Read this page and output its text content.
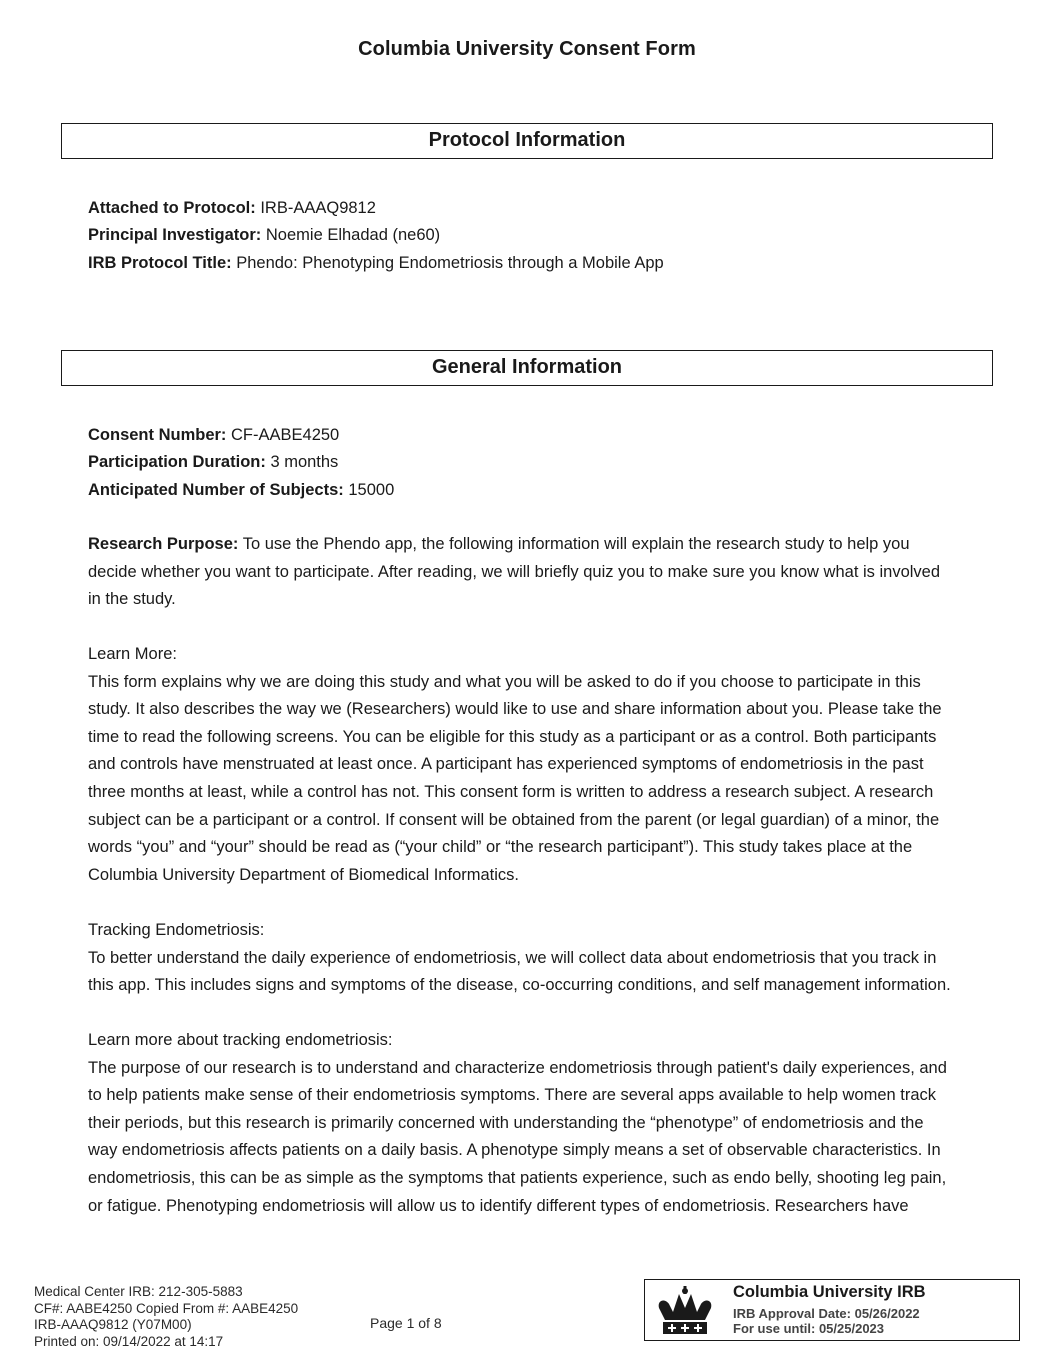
Columbia University Consent Form
Protocol Information
Attached to Protocol: IRB-AAAQ9812
Principal Investigator: Noemie Elhadad (ne60)
IRB Protocol Title: Phendo: Phenotyping Endometriosis through a Mobile App
General Information
Consent Number: CF-AABE4250
Participation Duration: 3 months
Anticipated Number of Subjects: 15000
Research Purpose: To use the Phendo app, the following information will explain the research study to help you
decide whether you want to participate. After reading, we will briefly quiz you to make sure you know what is involved
in the study.
Learn More:
This form explains why we are doing this study and what you will be asked to do if you choose to participate in this
study. It also describes the way we (Researchers) would like to use and share information about you. Please take the
time to read the following screens. You can be eligible for this study as a participant or as a control. Both participants
and controls have menstruated at least once. A participant has experienced symptoms of endometriosis in the past
three months at least, while a control has not. This consent form is written to address a research subject. A research
subject can be a participant or a control. If consent will be obtained from the parent (or legal guardian) of a minor, the
words “you” and “your” should be read as (“your child” or “the research participant”). This study takes place at the
Columbia University Department of Biomedical Informatics.
Tracking Endometriosis:
To better understand the daily experience of endometriosis, we will collect data about endometriosis that you track in
this app. This includes signs and symptoms of the disease, co-occurring conditions, and self management information.
Learn more about tracking endometriosis:
The purpose of our research is to understand and characterize endometriosis through patient's daily experiences, and
to help patients make sense of their endometriosis symptoms. There are several apps available to help women track
their periods, but this research is primarily concerned with understanding the “phenotype” of endometriosis and the
way endometriosis affects patients on a daily basis. A phenotype simply means a set of observable characteristics. In
endometriosis, this can be as simple as the symptoms that patients experience, such as endo belly, shooting leg pain,
or fatigue. Phenotyping endometriosis will allow us to identify different types of endometriosis. Researchers have
Medical Center IRB: 212-305-5883
CF#: AABE4250 Copied From #: AABE4250
IRB-AAAQ9812 (Y07M00)
Printed on: 09/14/2022 at 14:17
Page 1 of 8
Columbia University IRB
IRB Approval Date: 05/26/2022
For use until: 05/25/2023
